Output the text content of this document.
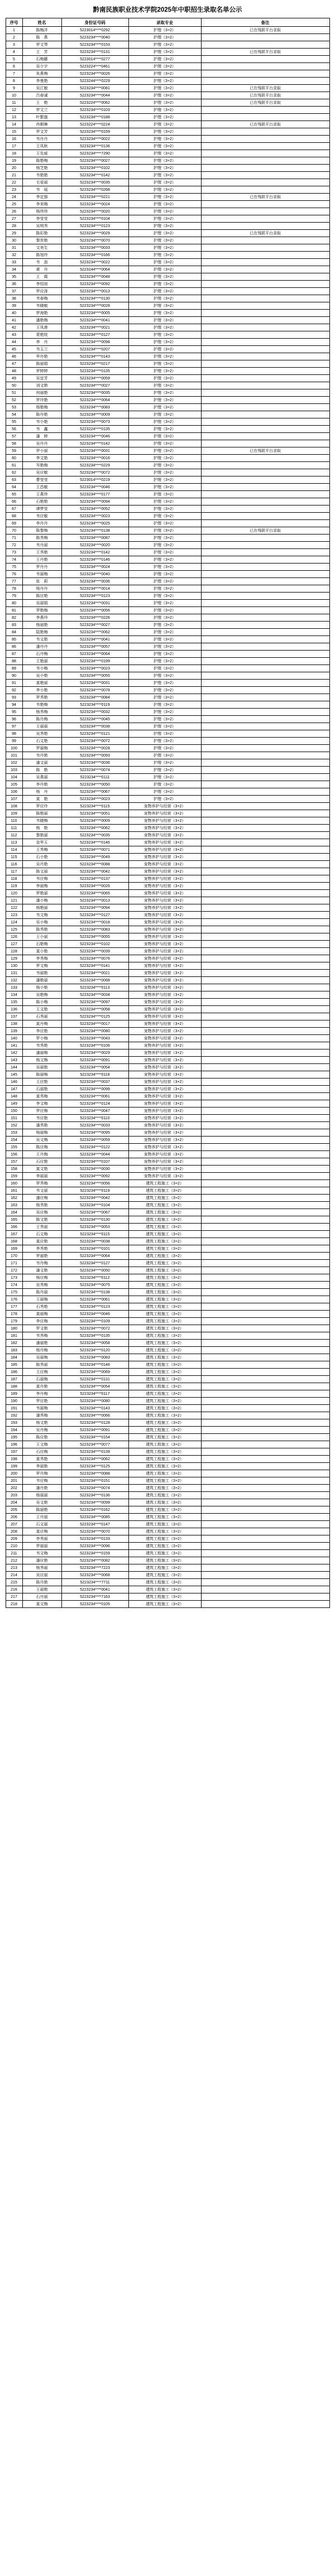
黔南民族职业技术学院2025年中职招生录取名单公示
序号	姓名	身份证号码	录取专业	备注
1	陈梅洋	5223014****0292	护理（3+2）	已在残联平台录取
2	陈　燕	5223234****0040	护理（3+2）	
3	罗文琴	5223234****0153	护理（3+2）	
4	王　芳	5223234****0131	护理（3+2）	已在残联平台录取
5	石梅藤	5223014****0277	护理（3+2）	
6	吴少宇	5223224****0461	护理（3+2）	
7	朱燕梅	5223234****0026	护理（3+2）	
8	李曼艳	5223244****0229	护理（3+2）	
9	吴江敏	5223234****0081	护理（3+2）	已在残联平台录取
10	吕春诚	5223234****0044	护理（3+2）	已在残联平台录取
11	王　艳	5223224****0062	护理（3+2）	已在残联平台录取
12	罗文兰	5223234****0103	护理（3+2）	
13	叶繁旗	5223234****0188	护理（3+2）	
14	冉朝琳	5223224****0224	护理（3+2）	已在残联平台录取
15	罗文芳	5223234****0159	护理（3+2）	
16	韦丹丹	5223234****0022	护理（3+2）	
17	王凤秋	5223234****0136	护理（3+2）	
18	王先威	5223234****7290	护理（3+2）	
19	陈艳梅	5223234****0027	护理（3+2）	
20	杨芝艳	5223234****0102	护理（3+2）	
21	韦艳艳	5223234****0142	护理（3+2）	
22	毛爱丽	5223234****0035	护理（3+2）	
23	韦　瑶	5223234****0268	护理（3+2）	
24	李定强	5223234****0221	护理（3+2）	已在残联平台录取
25	李美梅	5223234****0024	护理（3+2）	
26	杨珍珍	5223234****0020	护理（3+2）	
27	李莹莹	5223234****0104	护理（3+2）	
28	吴明秀	5223234****0123	护理（3+2）	
29	陈彩艳	5223234****0029	护理（3+2）	已在残联平台录取
30	黎世艳	5223234****0070	护理（3+2）	
31	文美生	5223234****0033	护理（3+2）	
32	陈旭玲	5223234****0166	护理（3+2）	
33	韦　浪	5223234****0022	护理（3+2）	
34	黄　丹	5223244****0064	护理（3+2）	
35	王　霞	5223234****0048	护理（3+2）	
36	李绍琼	5223234****0092	护理（3+2）	
37	罗应涛	5223234****0013	护理（3+2）	
38	韦春梅	5223234****0130	护理（3+2）	
39	韦晓敏	5223234****0028	护理（3+2）	
40	罗海艳	5223234****0005	护理（3+2）	
41	潘艳梅	5223234****0041	护理（3+2）	
42	王凤莲	5223234****0021	护理（3+2）	
43	蒙艳姣	5223234****0127	护理（3+2）	
44	李　丹	5223234****0098	护理（3+2）	
45	韦玉兰	5223234****0207	护理（3+2）	
46	华丹艳	5223234****0143	护理（3+2）	
47	陈丽娟	5223234****0217	护理（3+2）	
48	罗婷婷	5223234****0135	护理（3+2）	
49	吴宜芳	5223234****0059	护理（3+2）	
50	刘文艳	5223234****0027	护理（3+2）	
51	何丽艳	5223234****0035	护理（3+2）	
52	罗玲艳	5223234****0064	护理（3+2）	
53	杨艳梅	5223234****0083	护理（3+2）	
54	陈丹艳	5223234****0009	护理（3+2）	
55	韦小艳	5223234****0073	护理（3+2）	
56	韦　鑫	5223224****0135	护理（3+2）	
57	潘　婷	5223234****0046	护理（3+2）	
58	吴丹丹	5223234****0142	护理（3+2）	
59	罗小丽	5223234****0031	护理（3+2）	已在残联平台录取
60	李文艳	5223234****0016	护理（3+2）	
61	岑艳梅	5223234****0229	护理（3+2）	
62	吴应敏	5223234****0072	护理（3+2）	
63	曹莹莹	5223014****0219	护理（3+2）	
64	王昌敏	5223234****0046	护理（3+2）	
65	王燕珍	5223234****0177	护理（3+2）	
66	石艳艳	5223234****0094	护理（3+2）	
67	谭梦莹	5223234****0052	护理（3+2）	
68	韦应敏	5223234****0023	护理（3+2）	
69	李丹丹	5223234****0025	护理（3+2）	
70	陈黎梅	5223234****0138	护理（3+2）	已在残联平台录取
71	陈秀梅	5223234****0087	护理（3+2）	
72	韦丹丽	5223234****0020	护理（3+2）	
73	王秀艳	5223234****0142	护理（3+2）	
74	王丹艳	5223234****0146	护理（3+2）	
75	罗丹丹	5223234****0024	护理（3+2）	
76	韦丽梅	5223234****0040	护理（3+2）	
77	张　莉	5223234****0036	护理（3+2）	
78	杨丹丹	5223234****0014	护理（3+2）	
79	陈应艳	5223234****0123	护理（3+2）	
80	吴丽娟	5223234****0031	护理（3+2）	
81	罗艳梅	5223234****0056	护理（3+2）	
82	李燕玲	5223234****0226	护理（3+2）	
83	杨丽艳	5223234****0027	护理（3+2）	
84	陆艳梅	5223234****0062	护理（3+2）	
85	韦文艳	5223234****0041	护理（3+2）	
86	潘丹丹	5223234****0057	护理（3+2）	
87	石丹梅	5223234****0064	护理（3+2）	
88	王艳丽	5223234****0199	护理（3+2）	
89	韦小梅	5223234****0023	护理（3+2）	
90	吴小艳	5223234****0055	护理（3+2）	
91	莫艳丽	5223234****0031	护理（3+2）	
92	李小艳	5223234****0078	护理（3+2）	
93	罗秀艳	5223234****0084	护理（3+2）	
94	韦艳梅	5223234****0119	护理（3+2）	
95	杨秀梅	5223234****0032	护理（3+2）	
96	陈丹梅	5223234****0045	护理（3+2）	
97	王丽丽	5223234****0038	护理（3+2）	
98	吴秀艳	5223234****0121	护理（3+2）	
99	石文艳	5223234****0072	护理（3+2）	
100	罗丽梅	5223234****0028	护理（3+2）	
101	韦丹艳	5223234****0093	护理（3+2）	
102	潘文丽	5223234****0036	护理（3+2）	
103	陈　艳	5223234****0074	护理（3+2）	
104	吴燕丽	5223234****0111	护理（3+2）	
105	李丹艳	5223234****0050	护理（3+2）	
106	杨　丹	5223234****0067	护理（3+2）	
107	莫　艳	5223234****0023	护理（3+2）	
108	罗应玲	5223234****0115	宠物养护与经营（3+2）	
109	陈艳丽	5223234****0051	宠物养护与经营（3+2）	
110	韦晓梅	5223234****0009	宠物养护与经营（3+2）	
111	杨　艳	5223234****0062	宠物养护与经营（3+2）	
112	黎艳丽	5223234****0035	宠物养护与经营（3+2）	
113	金华玉	5223234****0146	宠物养护与经营（3+2）	
114	王秀梅	5223234****0071	宠物养护与经营（3+2）	
115	石小艳	5223234****0049	宠物养护与经营（3+2）	
116	吴丹艳	5223234****0088	宠物养护与经营（3+2）	
117	陈文丽	5223234****0042	宠物养护与经营（3+2）	
118	韦应梅	5223234****0137	宠物养护与经营（3+2）	
119	李丽梅	5223234****0026	宠物养护与经营（3+2）	
120	罗艳丽	5223234****0065	宠物养护与经营（3+2）	
121	潘小梅	5223234****0013	宠物养护与经营（3+2）	
122	杨艳丽	5223234****0094	宠物养护与经营（3+2）	
123	韦文梅	5223234****0127	宠物养护与经营（3+2）	
124	吴小梅	5223234****0018	宠物养护与经营（3+2）	
125	陈秀艳	5223234****0083	宠物养护与经营（3+2）	
126	王小丽	5223234****0055	宠物养护与经营（3+2）	
127	石艳梅	5223234****0102	宠物养护与经营（3+2）	
128	莫小艳	5223234****0039	宠物养护与经营（3+2）	
129	李秀梅	5223234****0076	宠物养护与经营（3+2）	
130	罗文梅	5223234****0141	宠物养护与经营（3+2）	
131	韦丽艳	5223234****0021	宠物养护与经营（3+2）	
132	潘艳丽	5223234****0068	宠物养护与经营（3+2）	
133	杨小艳	5223234****0113	宠物养护与经营（3+2）	
134	吴艳梅	5223234****0034	宠物养护与经营（3+2）	
135	陈小梅	5223234****0097	宠物养护与经营（3+2）	
136	王文艳	5223234****0058	宠物养护与经营（3+2）	
137	石秀丽	5223234****0125	宠物养护与经营（3+2）	
138	莫丹梅	5223234****0017	宠物养护与经营（3+2）	
139	李应艳	5223234****0080	宠物养护与经营（3+2）	
140	罗小梅	5223234****0043	宠物养护与经营（3+2）	
141	韦秀艳	5223234****0106	宠物养护与经营（3+2）	
142	潘丽梅	5223234****0029	宠物养护与经营（3+2）	
143	杨文梅	5223234****0091	宠物养护与经营（3+2）	
144	吴丽艳	5223234****0054	宠物养护与经营（3+2）	
145	陈丽梅	5223234****0118	宠物养护与经营（3+2）	
146	王应艳	5223234****0037	宠物养护与经营（3+2）	
147	石丽艳	5223234****0099	宠物养护与经营（3+2）	
148	莫秀梅	5223234****0061	宠物养护与经营（3+2）	
149	李文梅	5223234****0124	宠物养护与经营（3+2）	
150	罗应梅	5223234****0047	宠物养护与经营（3+2）	
151	韦应艳	5223234****0110	宠物养护与经营（3+2）	
152	潘秀艳	5223234****0033	宠物养护与经营（3+2）	
153	杨丽梅	5223234****0095	宠物养护与经营（3+2）	
154	吴文梅	5223234****0059	宠物养护与经营（3+2）	
155	陈应梅	5223234****0122	宠物养护与经营（3+2）	
156	王丹梅	5223234****0044	宠物养护与经营（3+2）	
157	石应艳	5223234****0107	宠物养护与经营（3+2）	
158	莫文艳	5223234****0030	宠物养护与经营（3+2）	
159	李丽丽	5223234****0092	宠物养护与经营（3+2）	
160	罗秀梅	5223234****0056	建筑工程施工（3+2）	
161	韦文丽	5223234****0119	建筑工程施工（3+2）	
162	潘应梅	5223234****0042	建筑工程施工（3+2）	
163	杨秀艳	5223234****0104	建筑工程施工（3+2）	
164	吴应梅	5223234****0067	建筑工程施工（3+2）	
165	陈文艳	5223234****0130	建筑工程施工（3+2）	
166	王秀丽	5223234****0053	建筑工程施工（3+2）	
167	石文梅	5223234****0115	建筑工程施工（3+2）	
168	莫应艳	5223234****0038	建筑工程施工（3+2）	
169	李秀艳	5223234****0101	建筑工程施工（3+2）	
170	罗丽艳	5223234****0064	建筑工程施工（3+2）	
171	韦丹梅	5223234****0127	建筑工程施工（3+2）	
172	潘文艳	5223234****0050	建筑工程施工（3+2）	
173	杨应梅	5223234****0112	建筑工程施工（3+2）	
174	吴秀梅	5223234****0075	建筑工程施工（3+2）	
175	陈丹丽	5223234****0138	建筑工程施工（3+2）	
176	王丽梅	5223234****0061	建筑工程施工（3+2）	
177	石秀艳	5223234****0123	建筑工程施工（3+2）	
178	莫丽梅	5223234****0046	建筑工程施工（3+2）	
179	李应梅	5223234****0109	建筑工程施工（3+2）	
180	罗文艳	5223234****0072	建筑工程施工（3+2）	
181	韦秀梅	5223234****0135	建筑工程施工（3+2）	
182	潘丽艳	5223234****0058	建筑工程施工（3+2）	
183	杨丹梅	5223234****0120	建筑工程施工（3+2）	
184	吴丽梅	5223234****0083	建筑工程施工（3+2）	
185	陈秀丽	5223234****0146	建筑工程施工（3+2）	
186	王应梅	5223234****0069	建筑工程施工（3+2）	
187	石丽梅	5223234****0131	建筑工程施工（3+2）	
188	莫丹艳	5223234****0054	建筑工程施工（3+2）	
189	李丹梅	5223234****0117	建筑工程施工（3+2）	
190	罗应艳	5223234****0080	建筑工程施工（3+2）	
191	韦丽梅	5223234****0143	建筑工程施工（3+2）	
192	潘秀梅	5223234****0066	建筑工程施工（3+2）	
193	杨文艳	5223234****0128	建筑工程施工（3+2）	
194	吴丹梅	5223234****0091	建筑工程施工（3+2）	
195	陈应艳	5223234****0154	建筑工程施工（3+2）	
196	王文梅	5223234****0077	建筑工程施工（3+2）	
197	石应梅	5223234****0139	建筑工程施工（3+2）	
198	莫秀艳	5223234****0062	建筑工程施工（3+2）	
199	李丽艳	5223234****0125	建筑工程施工（3+2）	
200	罗丹梅	5223234****0088	建筑工程施工（3+2）	
201	韦应梅	5223234****0151	建筑工程施工（3+2）	
202	潘丹艳	5223234****0074	建筑工程施工（3+2）	
203	杨丽丽	5223234****0136	建筑工程施工（3+2）	
204	吴文艳	5223234****0099	建筑工程施工（3+2）	
205	陈丽艳	5223234****0162	建筑工程施工（3+2）	
206	王丹丽	5223234****0085	建筑工程施工（3+2）	
207	石文丽	5223234****0147	建筑工程施工（3+2）	
208	莫应梅	5223234****0070	建筑工程施工（3+2）	
209	李秀丽	5223234****0133	建筑工程施工（3+2）	
210	罗丽丽	5223234****0096	建筑工程施工（3+2）	
211	韦文梅	5223234****0159	建筑工程施工（3+2）	
212	潘应艳	5223234****0082	建筑工程施工（3+2）	
213	杨秀丽	5223234****7223	建筑工程施工（3+2）	
214	吴应丽	5223234****0068	建筑工程施工（3+2）	
215	陈丹艳	5223234****7711	建筑工程施工（3+2）	
216	王丽艳	5223234****0041	建筑工程施工（3+2）	
217	石丹丽	5223234****7163	建筑工程施工（3+2）	
218	莫文梅	5223234****0105	建筑工程施工（3+2）	
